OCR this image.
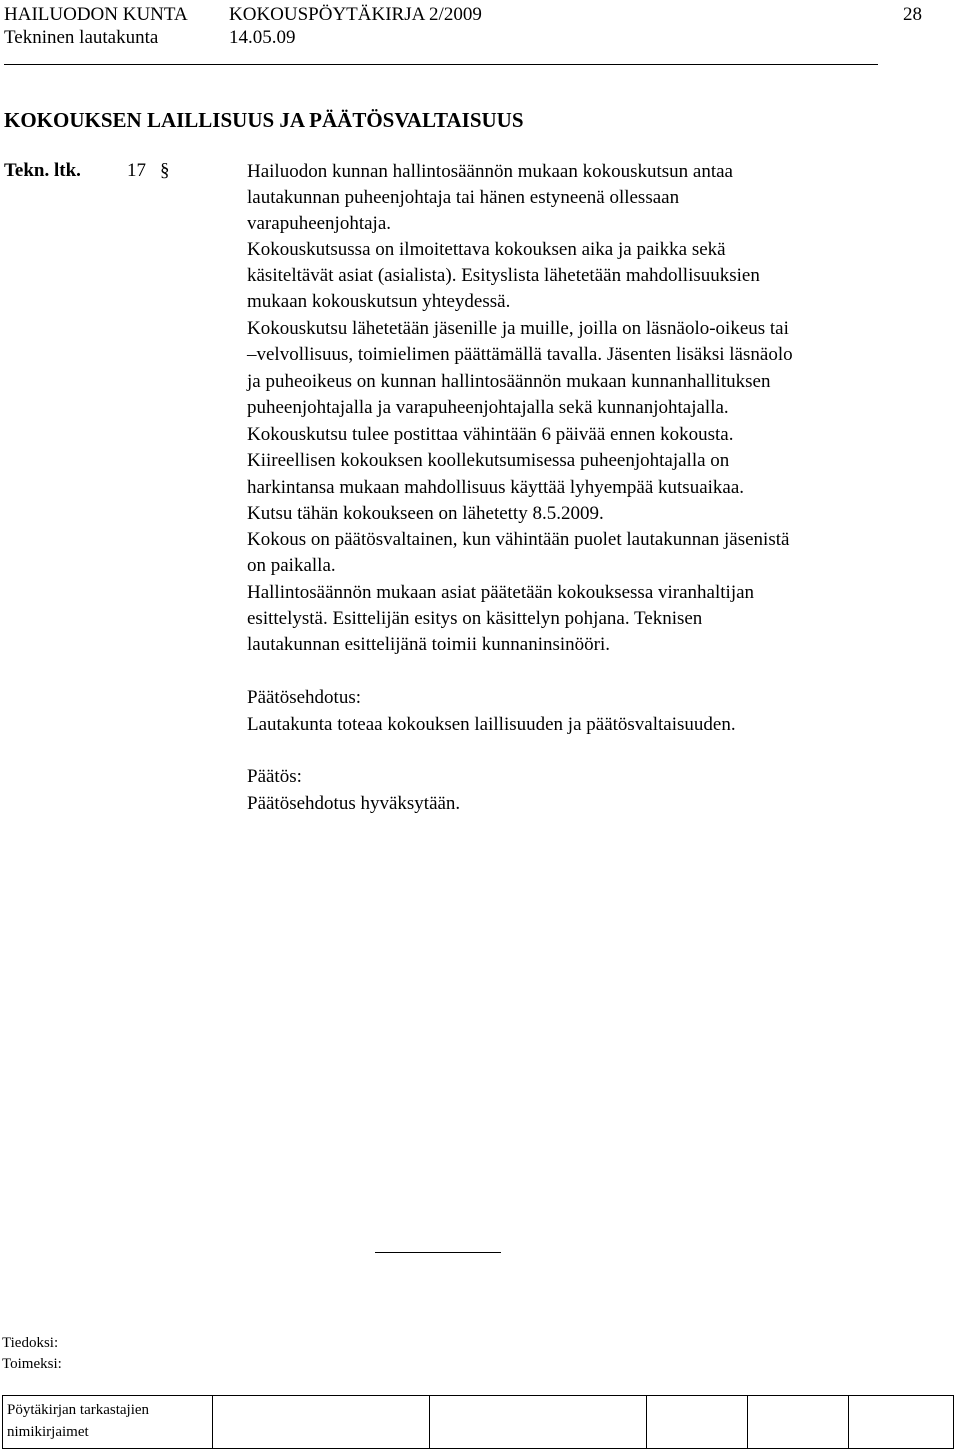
HAILUODON KUNTA KOKOUSPÖYTÄKIRJA 2/2009	28
Tekninen lautakunta	14.05.09
KOKOUKSEN LAILLISUUS JA PÄÄTÖSVALTAISUUS
Tekn. ltk. 17 §	Hailuodon kunnan hallintosäännön mukaan kokouskutsun antaa
lautakunnan puheenjohtaja tai hänen estyneenä ollessaan
varapuheenjohtaja.
Kokouskutsussa on ilmoitettava kokouksen aika ja paikka sekä
käsiteltävät asiat (asialista). Esityslista lähetetään mahdollisuuksien
mukaan kokouskutsun yhteydessä.
Kokouskutsu lähetetään jäsenille ja muille, joilla on läsnäolo-oikeus tai
–velvollisuus, toimielimen päättämällä tavalla. Jäsenten lisäksi läsnäolo
ja puheoikeus on kunnan hallintosäännön mukaan kunnanhallituksen
puheenjohtajalla ja varapuheenjohtajalla sekä kunnanjohtajalla.
Kokouskutsu tulee postittaa vähintään 6 päivää ennen kokousta.
Kiireellisen kokouksen koollekutsumisessa puheenjohtajalla on
harkintansa mukaan mahdollisuus käyttää lyhyempää kutsuaikaa.
Kutsu tähän kokoukseen on lähetetty 8.5.2009.
Kokous on päätösvaltainen, kun vähintään puolet lautakunnan jäsenistä
on paikalla.
Hallintosäännön mukaan asiat päätetään kokouksessa viranhaltijan
esittelystä. Esittelijän esitys on käsittelyn pohjana. Teknisen
lautakunnan esittelijänä toimii kunnaninsinööri.
Päätösehdotus:
Lautakunta toteaa kokouksen laillisuuden ja päätösvaltaisuuden.
Päätös:
Päätösehdotus hyväksytään.
Tiedoksi:
Toimeksi:
Pöytäkirjan tarkastajien
nimikirjaimet
